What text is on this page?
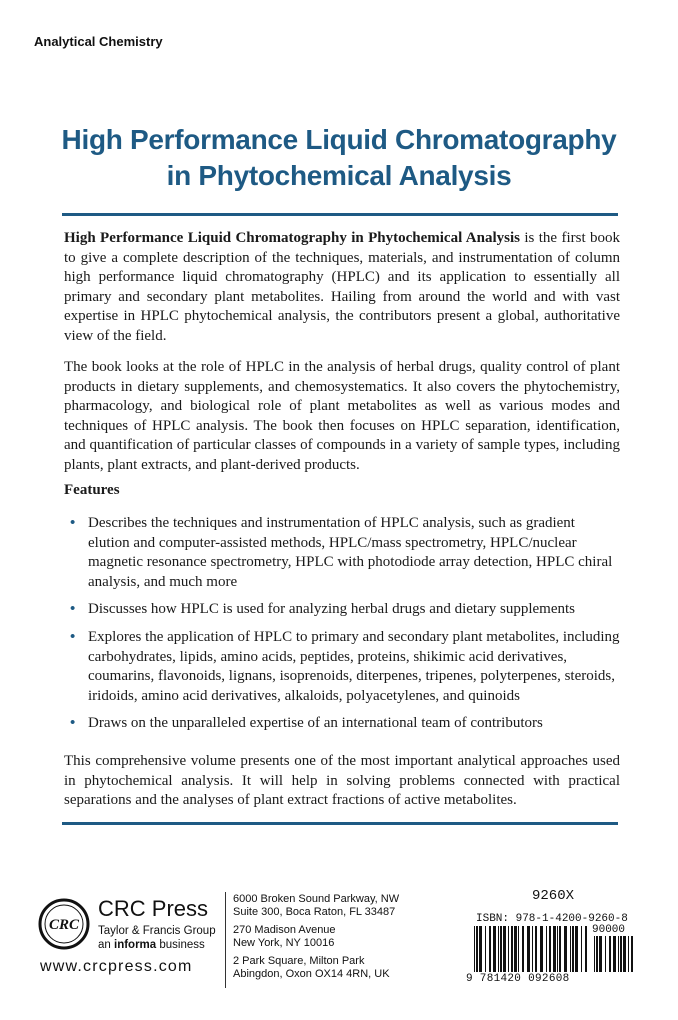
Analytical Chemistry
High Performance Liquid Chromatography
in Phytochemical Analysis
High Performance Liquid Chromatography in Phytochemical Analysis is the first book to give a complete description of the techniques, materials, and instrumentation of column high performance liquid chromatography (HPLC) and its application to essentially all primary and secondary plant metabolites. Hailing from around the world and with vast expertise in HPLC phytochemical analysis, the contributors present a global, authoritative view of the field.
The book looks at the role of HPLC in the analysis of herbal drugs, quality control of plant products in dietary supplements, and chemosystematics. It also covers the phytochemistry, pharmacology, and biological role of plant metabolites as well as various modes and techniques of HPLC analysis. The book then focuses on HPLC separation, identification, and quantification of particular classes of compounds in a variety of sample types, including plants, plant extracts, and plant-derived products.
Features
• Describes the techniques and instrumentation of HPLC analysis, such as gradient elution and computer-assisted methods, HPLC/mass spectrometry, HPLC/nuclear magnetic resonance spectrometry, HPLC with photodiode array detection, HPLC chiral analysis, and much more
• Discusses how HPLC is used for analyzing herbal drugs and dietary supplements
• Explores the application of HPLC to primary and secondary plant metabolites, including carbohydrates, lipids, amino acids, peptides, proteins, shikimic acid derivatives, coumarins, flavonoids, lignans, isoprenoids, diterpenes, tripenes, polyterpenes, steroids, iridoids, amino acid derivatives, alkaloids, polyacetylenes, and quinoids
• Draws on the unparalleled expertise of an international team of contributors
This comprehensive volume presents one of the most important analytical approaches used in phytochemical analysis. It will help in solving problems connected with practical separations and the analyses of plant extract fractions of active metabolites.
CRC
CRC Press
Taylor & Francis Group
an informa business
www.crcpress.com
6000 Broken Sound Parkway, NW
Suite 300, Boca Raton, FL 33487
270 Madison Avenue
New York, NY 10016
2 Park Square, Milton Park
Abingdon, Oxon OX14 4RN, UK
9260X
ISBN: 978-1-4200-9260-8
90000
9 781420 092608
